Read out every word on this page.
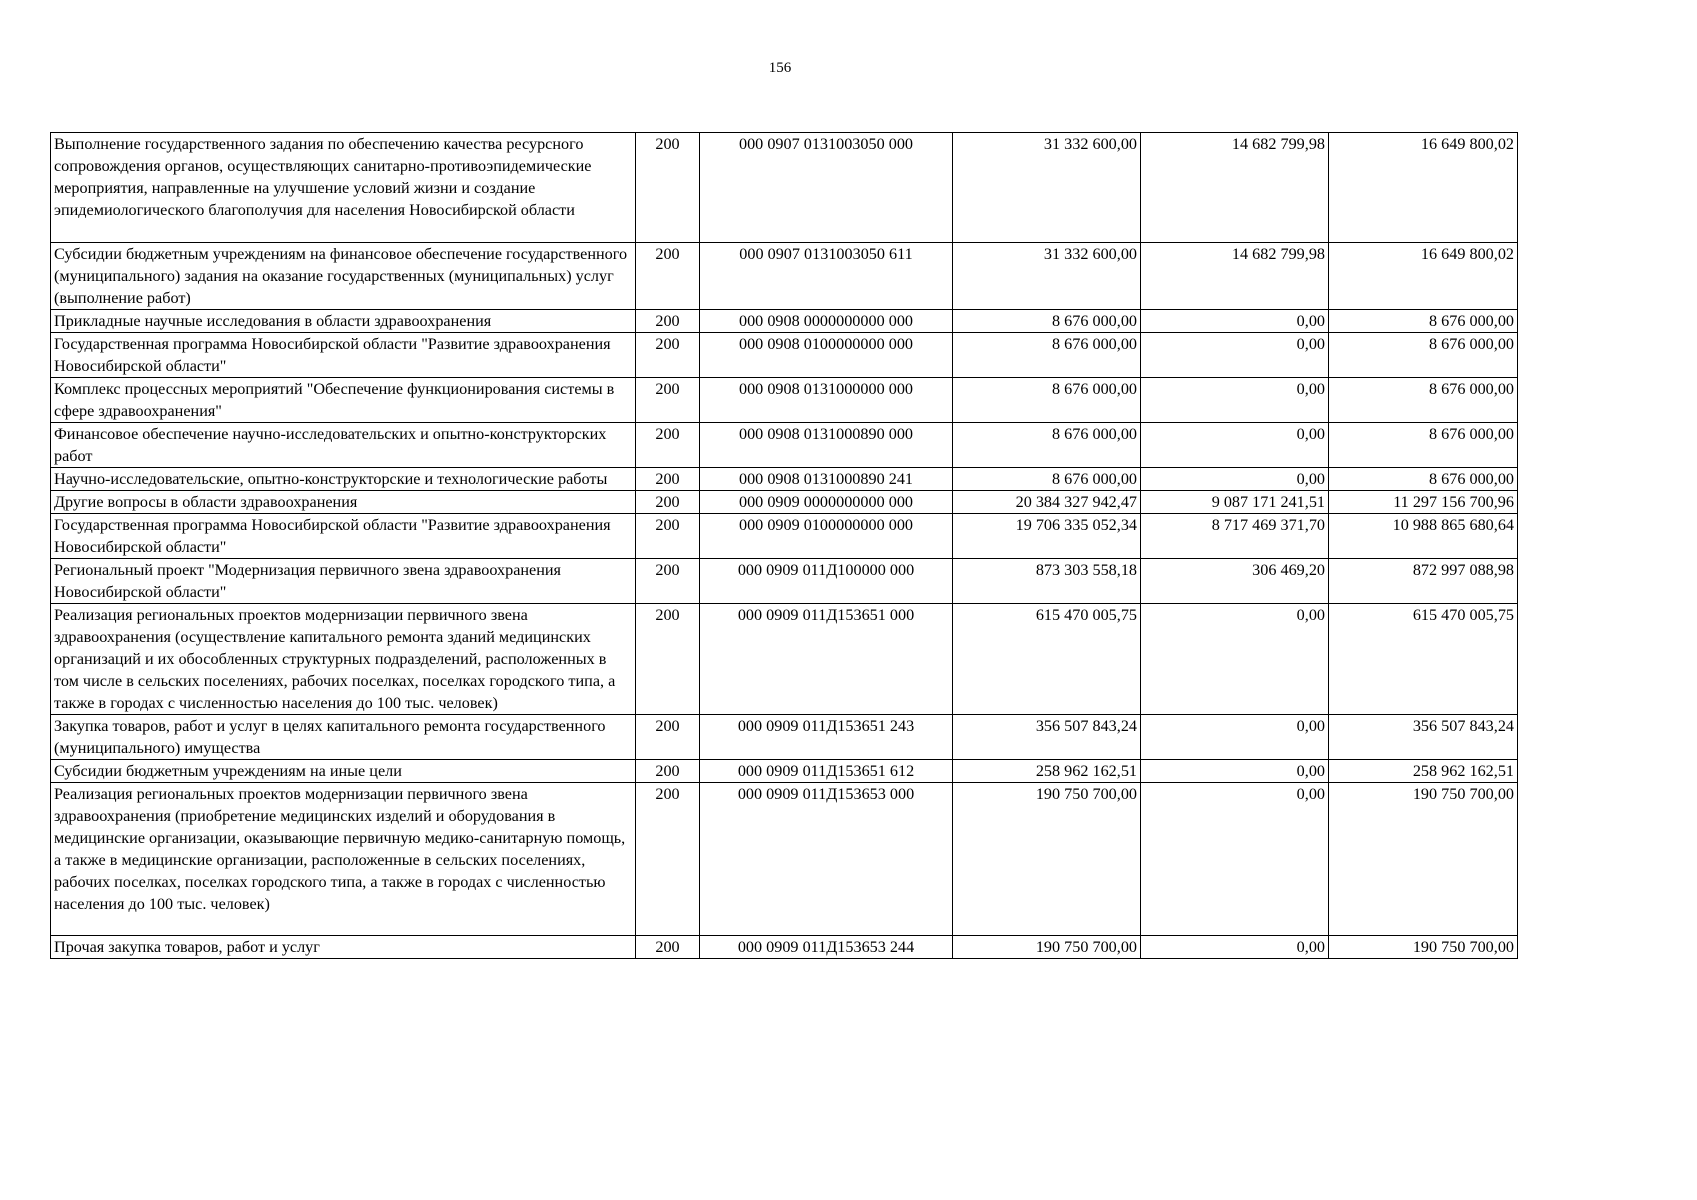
156
Выполнение государственного задания по обеспечению качества ресурсного сопровождения органов, осуществляющих санитарно-противоэпидемические мероприятия, направленные на улучшение условий жизни и создание эпидемиологического благополучия для населения Новосибирской области	200	000 0907 0131003050 000	31 332 600,00	14 682 799,98	16 649 800,02
Субсидии бюджетным учреждениям на финансовое обеспечение государственного (муниципального) задания на оказание государственных (муниципальных) услуг (выполнение работ)	200	000 0907 0131003050 611	31 332 600,00	14 682 799,98	16 649 800,02
Прикладные научные исследования в области здравоохранения	200	000 0908 0000000000 000	8 676 000,00	0,00	8 676 000,00
Государственная программа Новосибирской области "Развитие здравоохранения Новосибирской области"	200	000 0908 0100000000 000	8 676 000,00	0,00	8 676 000,00
Комплекс процессных мероприятий "Обеспечение функционирования системы в сфере здравоохранения"	200	000 0908 0131000000 000	8 676 000,00	0,00	8 676 000,00
Финансовое обеспечение научно-исследовательских и опытно-конструкторских работ	200	000 0908 0131000890 000	8 676 000,00	0,00	8 676 000,00
Научно-исследовательские, опытно-конструкторские и технологические работы	200	000 0908 0131000890 241	8 676 000,00	0,00	8 676 000,00
Другие вопросы в области здравоохранения	200	000 0909 0000000000 000	20 384 327 942,47	9 087 171 241,51	11 297 156 700,96
Государственная программа Новосибирской области "Развитие здравоохранения Новосибирской области"	200	000 0909 0100000000 000	19 706 335 052,34	8 717 469 371,70	10 988 865 680,64
Региональный проект "Модернизация первичного звена здравоохранения Новосибирской области"	200	000 0909 011Д100000 000	873 303 558,18	306 469,20	872 997 088,98
Реализация региональных проектов модернизации первичного звена здравоохранения (осуществление капитального ремонта зданий медицинских организаций и их обособленных структурных подразделений, расположенных в том числе в сельских поселениях, рабочих поселках, поселках городского типа, а также в городах с численностью населения до 100 тыс. человек)	200	000 0909 011Д153651 000	615 470 005,75	0,00	615 470 005,75
Закупка товаров, работ и услуг в целях капитального ремонта государственного (муниципального) имущества	200	000 0909 011Д153651 243	356 507 843,24	0,00	356 507 843,24
Субсидии бюджетным учреждениям на иные цели	200	000 0909 011Д153651 612	258 962 162,51	0,00	258 962 162,51
Реализация региональных проектов модернизации первичного звена здравоохранения (приобретение медицинских изделий и оборудования в медицинские организации, оказывающие первичную медико-санитарную помощь, а также в медицинские организации, расположенные в сельских поселениях, рабочих поселках, поселках городского типа, а также в городах с численностью населения до 100 тыс. человек)	200	000 0909 011Д153653 000	190 750 700,00	0,00	190 750 700,00
Прочая закупка товаров, работ и услуг	200	000 0909 011Д153653 244	190 750 700,00	0,00	190 750 700,00
